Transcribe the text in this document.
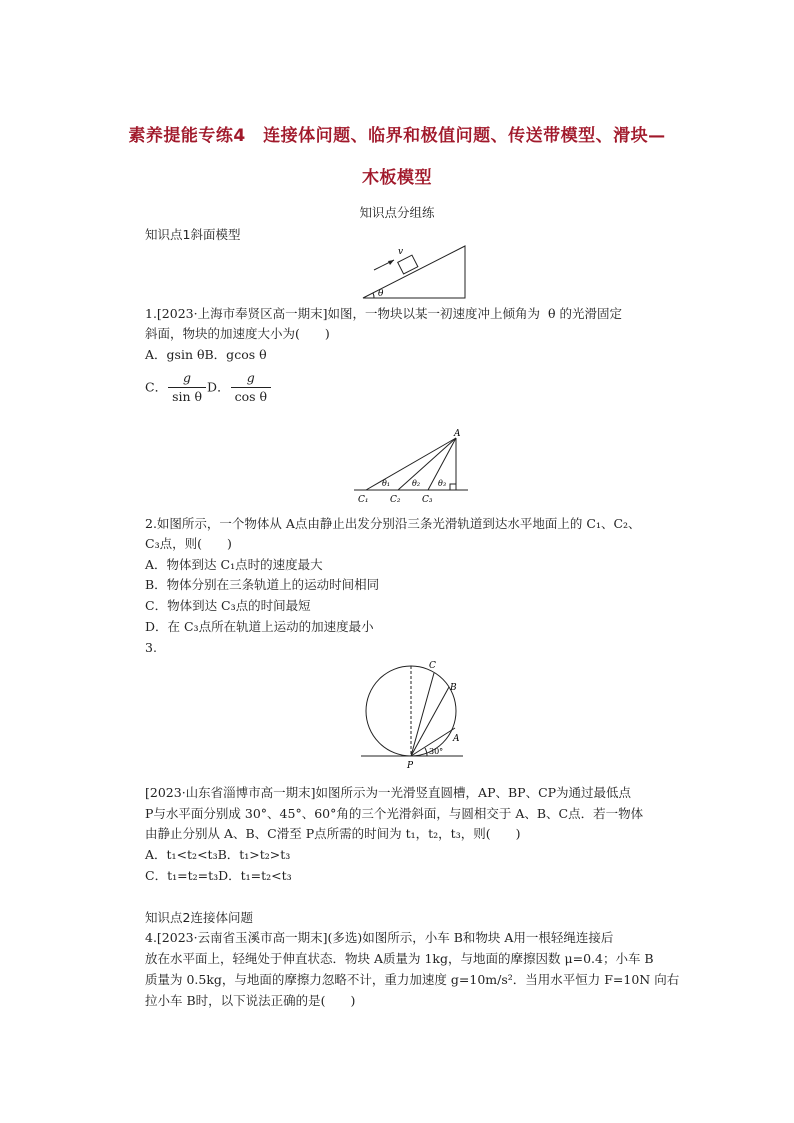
素养提能专练4　连接体问题、临界和极值问题、传送带模型、滑块—
木板模型
知识点分组练
知识点1斜面模型
v
θ
1.[2023·上海市奉贤区高一期末]如图，一物块以某一初速度冲上倾角为 θ 的光滑固定
斜面，物块的加速度大小为(　　)
A．gsin θB．gcos θ
C． $\frac{g}{\text{sin θ}}$ D． $\frac{g}{\text{cos θ}}$
A
θ₁	θ₂ θ₃
C₁ C₂ C₃
2.如图所示，一个物体从 A点由静止出发分别沿三条光滑轨道到达水平地面上的 C₁、C₂、
C₃点，则(　　)
A．物体到达 C₁点时的速度最大
B．物体分别在三条轨道上的运动时间相同
C．物体到达 C₃点的时间最短
D．在 C₃点所在轨道上运动的加速度最小
3.
C
B
A
P
30°
[2023·山东省淄博市高一期末]如图所示为一光滑竖直圆槽，AP、BP、CP为通过最低点
P与水平面分别成 30°、45°、60°角的三个光滑斜面，与圆相交于 A、B、C点．若一物体
由静止分别从 A、B、C滑至 P点所需的时间为 t₁，t₂，t₃，则(　　)
A．t₁<t₂<t₃B．t₁>t₂>t₃
C．t₁=t₂=t₃D．t₁=t₂<t₃
知识点2连接体问题
4.[2023·云南省玉溪市高一期末](多选)如图所示，小车 B和物块 A用一根轻绳连接后
放在水平面上，轻绳处于伸直状态．物块 A质量为 1kg，与地面的摩擦因数 μ=0.4；小车 B
质量为 0.5kg，与地面的摩擦力忽略不计，重力加速度 g=10m/s²．当用水平恒力 F=10N 向右
拉小车 B时，以下说法正确的是(　　)
